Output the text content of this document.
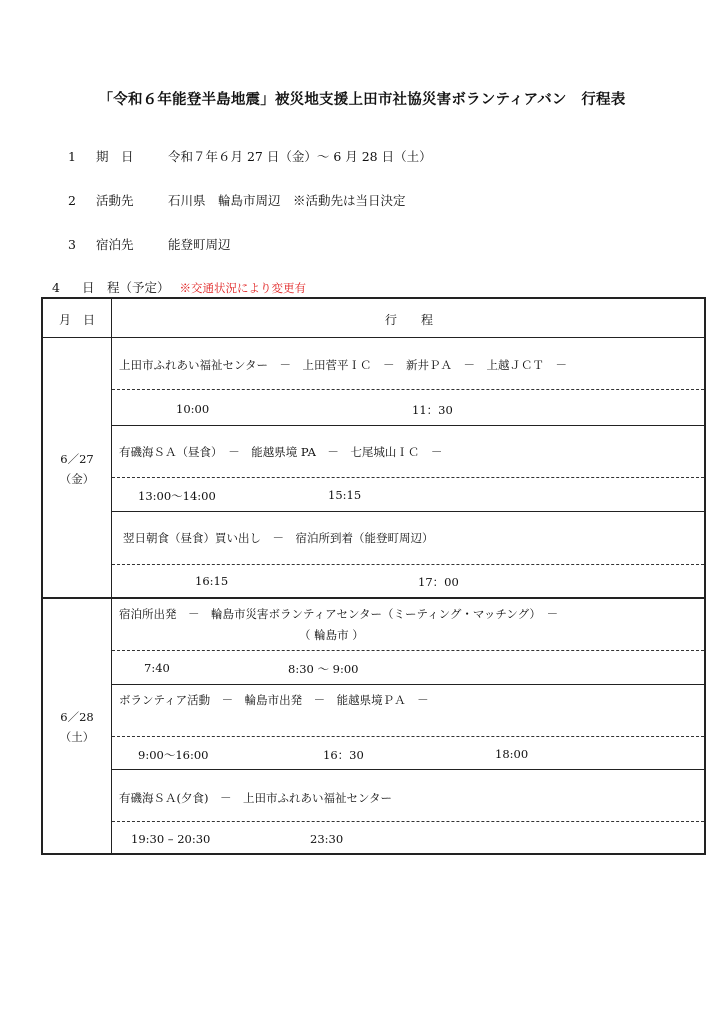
「令和６年能登半島地震」被災地支援上田市社協災害ボランティアバン　行程表
1 期　日	令和７年６月 27 日（金）～ 6 月 28 日（土）
2 活動先	石川県　輪島市周辺　※活動先は当日決定
3 宿泊先	能登町周辺
4 日　程（予定） ※交通状況により変更有
月　日	行　　程
6／27
（金）
上田市ふれあい福祉センター　－　上田菅平ＩＣ　－　新井ＰＡ　－　上越ＪＣＴ　－
10:00	11：30
有磯海ＳＡ（昼食）　－　能越県境 PA　－　七尾城山ＩＣ　－
13:00～14:00	15:15
翌日朝食（昼食）買い出し　－　宿泊所到着（能登町周辺）
16:15	17：00
6／28
（土）
宿泊所出発　－　輪島市災害ボランティアセンター（ミーティング・マッチング）　－
（ 輪島市 ）
7:40	8:30 ～ 9:00
ボランティア活動　－　輪島市出発　－　能越県境ＰＡ　－
9:00～16:00	16：30	18:00
有磯海ＳＡ(夕食)　－　上田市ふれあい福祉センター
19:30 – 20:30	23:30
